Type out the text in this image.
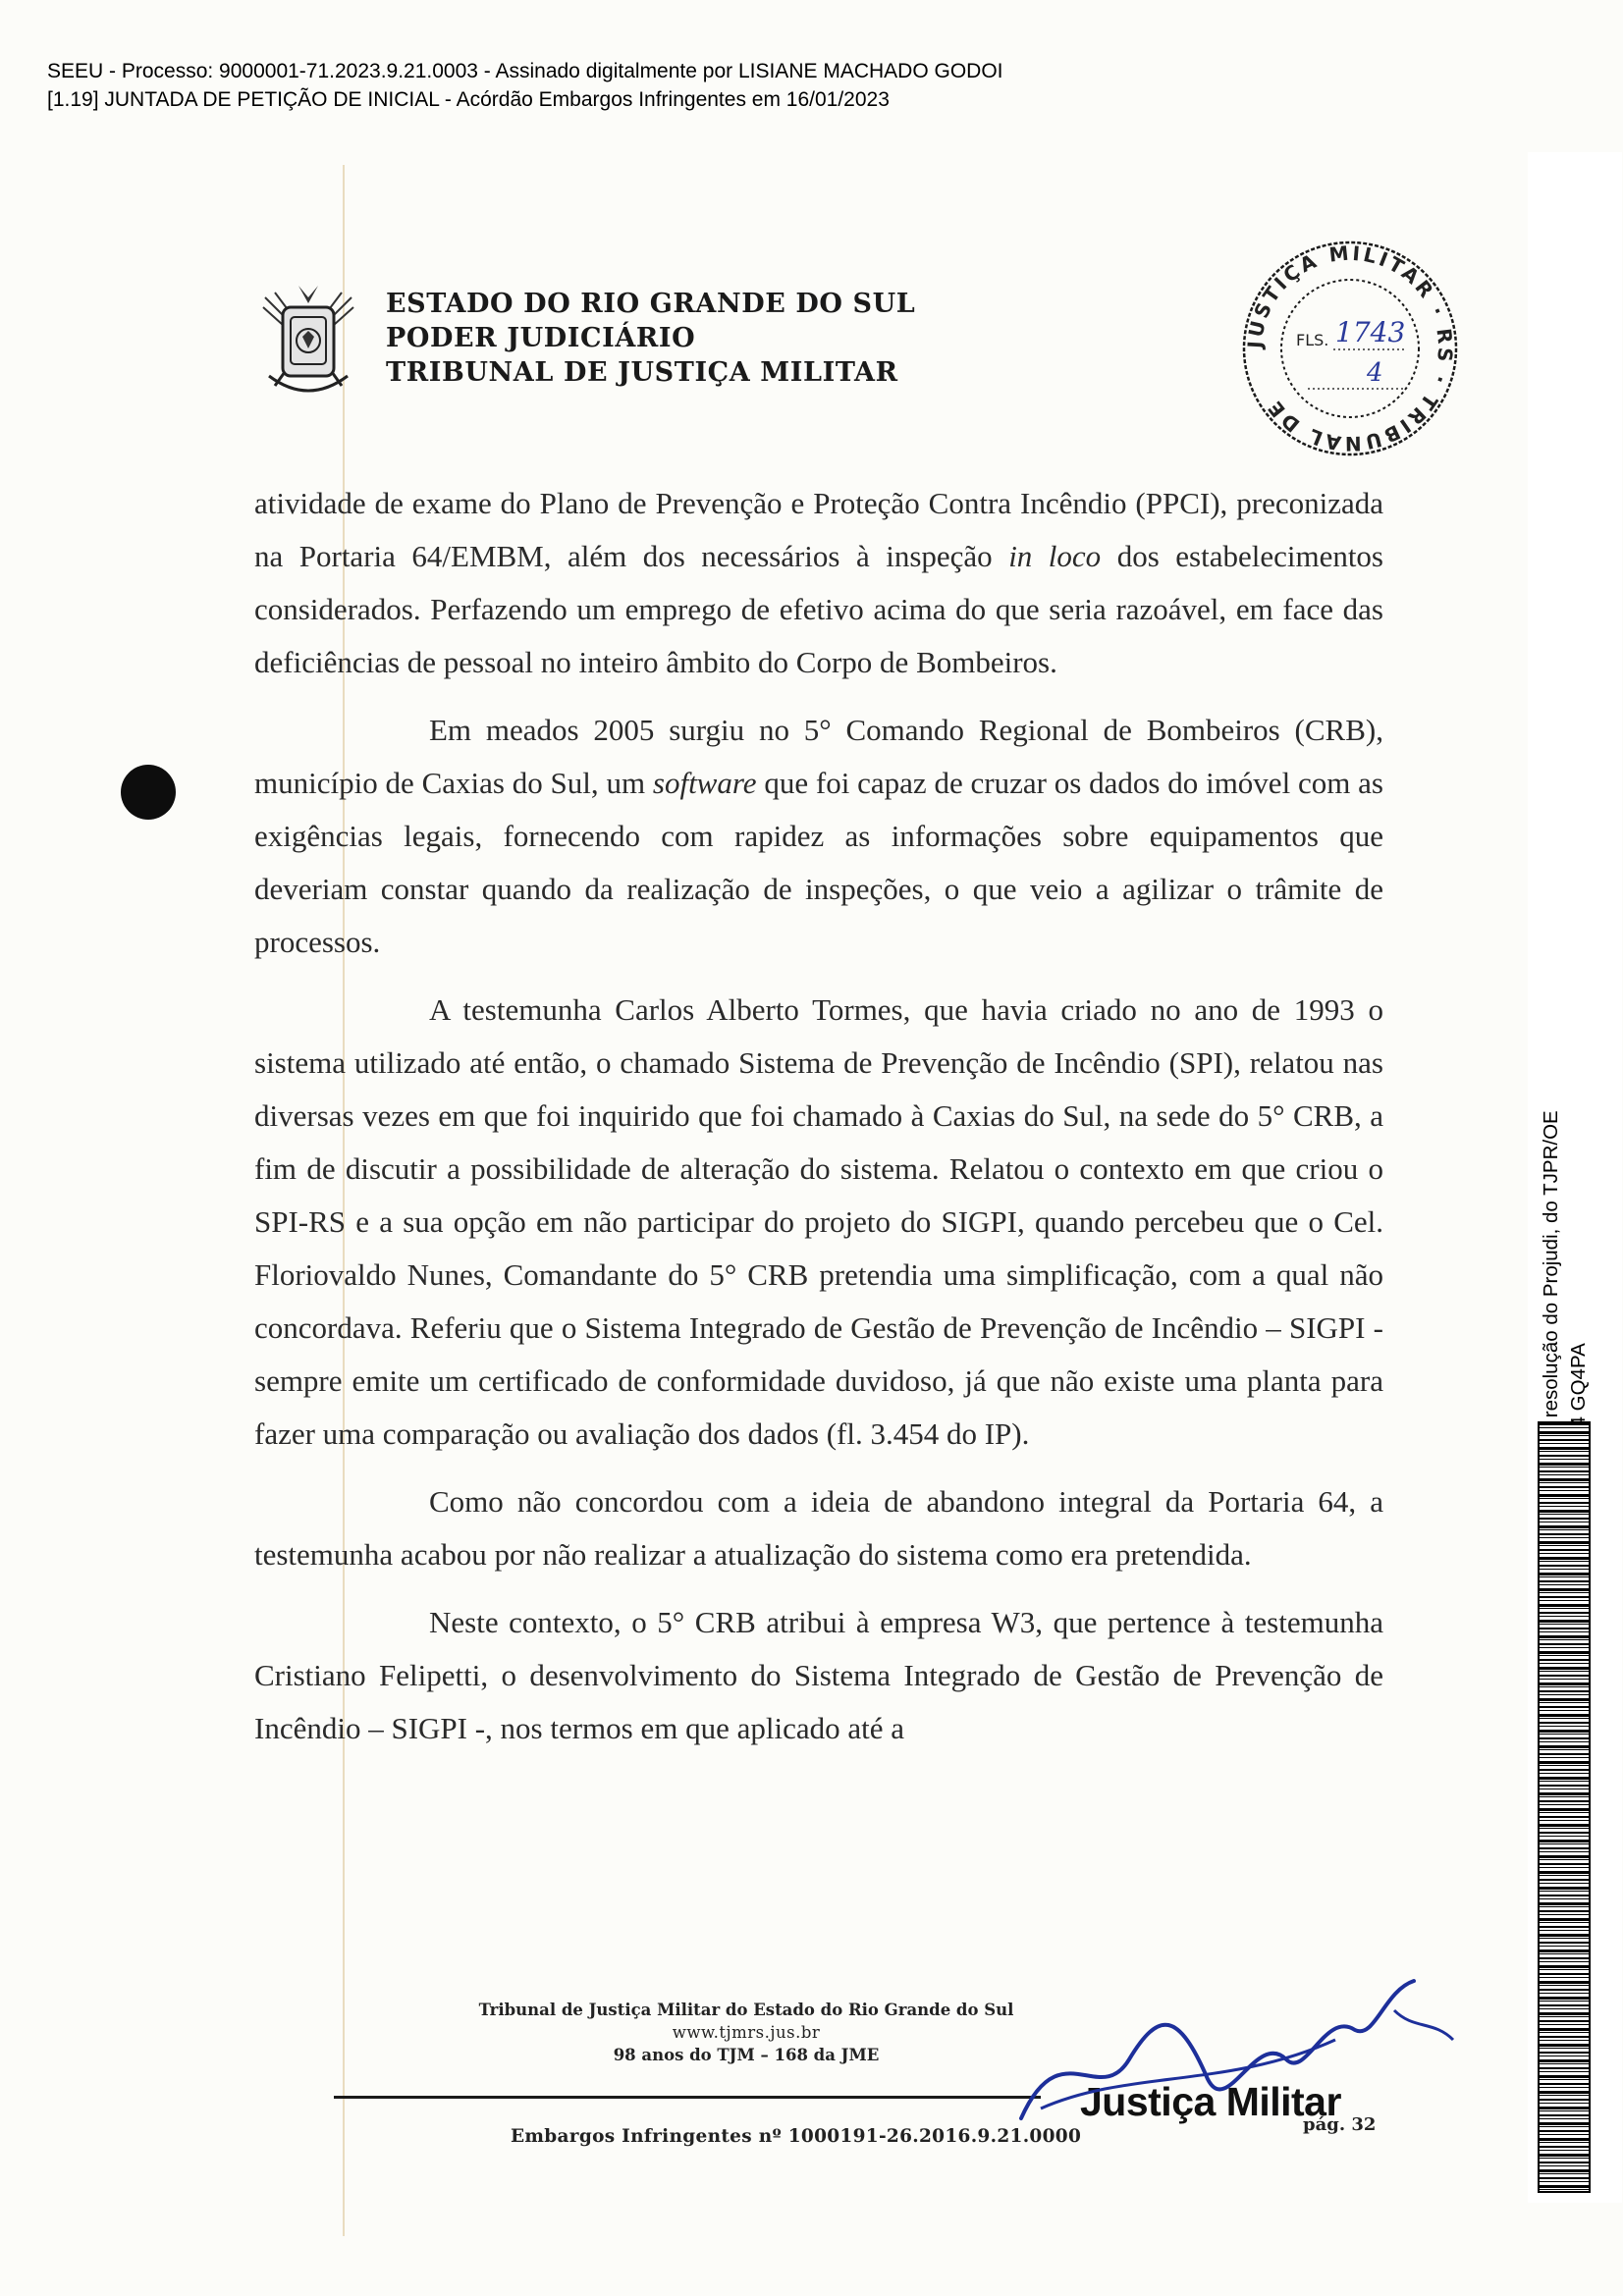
SEEU - Processo: 9000001-71.2023.9.21.0003 - Assinado digitalmente por LISIANE MACHADO GODOI
[1.19] JUNTADA DE PETIÇÃO DE INICIAL - Acórdão Embargos Infringentes em 16/01/2023
ESTADO DO RIO GRANDE DO SUL
PODER JUDICIÁRIO
TRIBUNAL DE JUSTIÇA MILITAR
JUSTIÇA MILITAR · RS · TRIBUNAL DE
FLS. 1743
4

atividade de exame do Plano de Prevenção e Proteção Contra Incêndio (PPCI), preconizada na Portaria 64/EMBM, além dos necessários à inspeção in loco dos estabelecimentos considerados. Perfazendo um emprego de efetivo acima do que seria razoável, em face das deficiências de pessoal no inteiro âmbito do Corpo de Bombeiros.

Em meados 2005 surgiu no 5° Comando Regional de Bombeiros (CRB), município de Caxias do Sul, um software que foi capaz de cruzar os dados do imóvel com as exigências legais, fornecendo com rapidez as informações sobre equipamentos que deveriam constar quando da realização de inspeções, o que veio a agilizar o trâmite de processos.

A testemunha Carlos Alberto Tormes, que havia criado no ano de 1993 o sistema utilizado até então, o chamado Sistema de Prevenção de Incêndio (SPI), relatou nas diversas vezes em que foi inquirido que foi chamado à Caxias do Sul, na sede do 5° CRB, a fim de discutir a possibilidade de alteração do sistema. Relatou o contexto em que criou o SPI-RS e a sua opção em não participar do projeto do SIGPI, quando percebeu que o Cel. Floriovaldo Nunes, Comandante do 5° CRB pretendia uma simplificação, com a qual não concordava. Referiu que o Sistema Integrado de Gestão de Prevenção de Incêndio – SIGPI - sempre emite um certificado de conformidade duvidoso, já que não existe uma planta para fazer uma comparação ou avaliação dos dados (fl. 3.454 do IP).

Como não concordou com a ideia de abandono integral da Portaria 64, a testemunha acabou por não realizar a atualização do sistema como era pretendida.

Neste contexto, o 5° CRB atribui à empresa W3, que pertence à testemunha Cristiano Felipetti, o desenvolvimento do Sistema Integrado de Gestão de Prevenção de Incêndio – SIGPI -, nos termos em que aplicado até a

Tribunal de Justiça Militar do Estado do Rio Grande do Sul
www.tjmrs.jus.br
98 anos do TJM – 168 da JME
Justiça Militar
Embargos Infringentes nº 1000191-26.2016.9.21.0000
pág. 32
